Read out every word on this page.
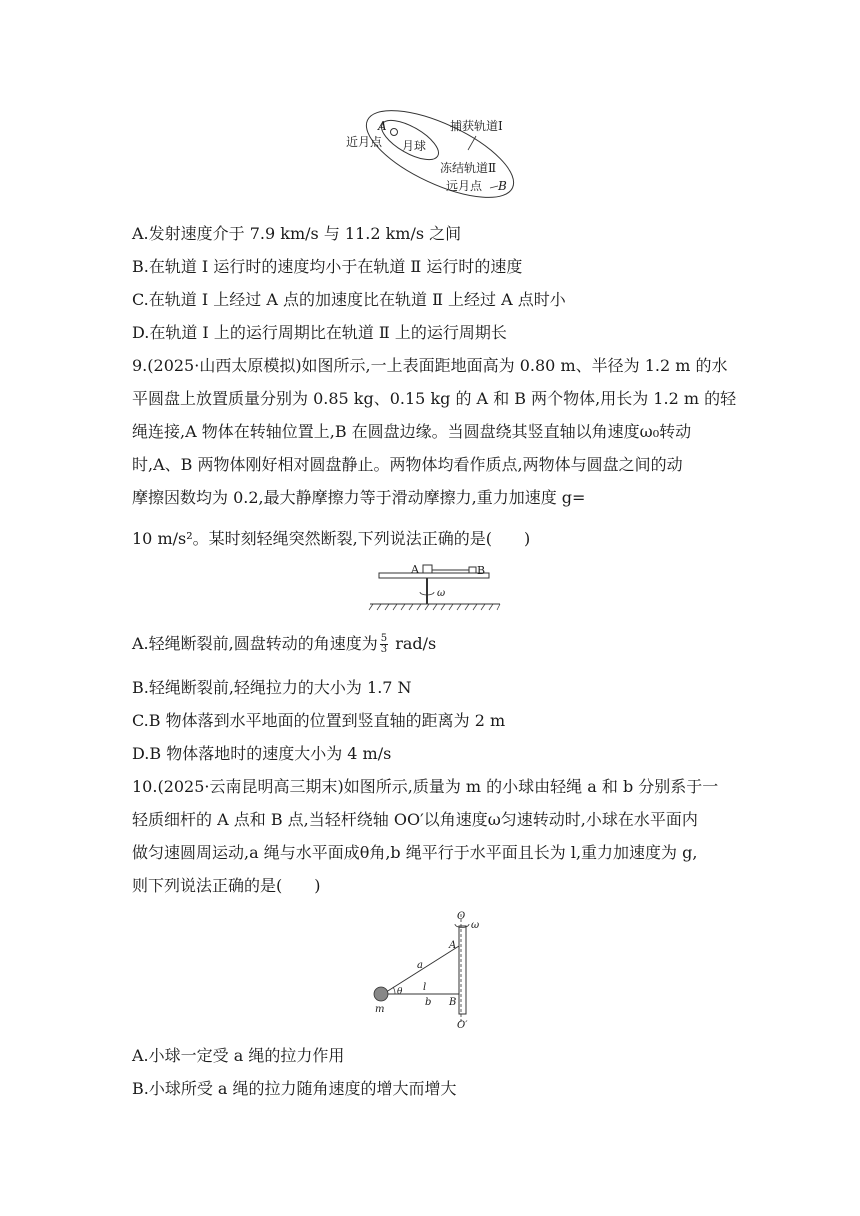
A
近月点 月球
捕获轨道Ⅰ
冻结轨道Ⅱ
远月点 B
A.发射速度介于 7.9 km/s 与 11.2 km/s 之间
B.在轨道 Ⅰ 运行时的速度均小于在轨道 Ⅱ 运行时的速度
C.在轨道 Ⅰ 上经过 A 点的加速度比在轨道 Ⅱ 上经过 A 点时小
D.在轨道 Ⅰ 上的运行周期比在轨道 Ⅱ 上的运行周期长
9.(2025·山西太原模拟)如图所示,一上表面距地面高为 0.80 m、半径为 1.2 m 的水
平圆盘上放置质量分别为 0.85 kg、0.15 kg 的 A 和 B 两个物体,用长为 1.2 m 的轻
绳连接,A 物体在转轴位置上,B 在圆盘边缘。当圆盘绕其竖直轴以角速度ω₀转动
时,A、B 两物体刚好相对圆盘静止。两物体均看作质点,两物体与圆盘之间的动
摩擦因数均为 0.2,最大静摩擦力等于滑动摩擦力,重力加速度 g=
10 m/s²。某时刻轻绳突然断裂,下列说法正确的是(　　)
A	B
ω
A.轻绳断裂前,圆盘转动的角速度为 $\frac{5}{3} rad/s$
B.轻绳断裂前,轻绳拉力的大小为 1.7 N
C.B 物体落到水平地面的位置到竖直轴的距离为 2 m
D.B 物体落地时的速度大小为 4 m/s
10.(2025·云南昆明高三期末)如图所示,质量为 m 的小球由轻绳 a 和 b 分别系于一
轻质细杆的 A 点和 B 点,当轻杆绕轴 OO′以角速度ω匀速转动时,小球在水平面内
做匀速圆周运动,a 绳与水平面成θ角,b 绳平行于水平面且长为 l,重力加速度为 g,
则下列说法正确的是(　　)
O
ω
A
a
θ l
b B
m
O′
A.小球一定受 a 绳的拉力作用
B.小球所受 a 绳的拉力随角速度的增大而增大
